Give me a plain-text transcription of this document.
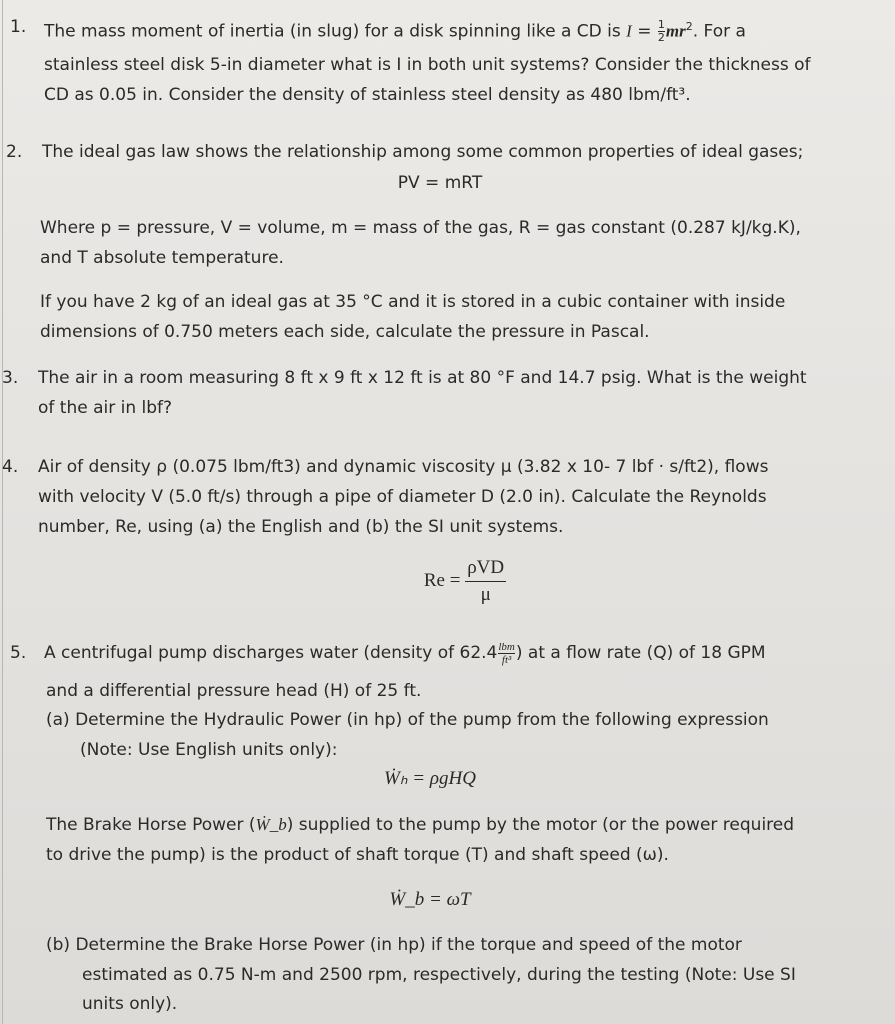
1. The mass moment of inertia (in slug) for a disk spinning like a CD is $I = \frac{1}{2} mr^2$. For a
stainless steel disk 5-in diameter what is I in both unit systems? Consider the thickness of
CD as 0.05 in. Consider the density of stainless steel density as 480 lbm/ft³.
2. The ideal gas law shows the relationship among some common properties of ideal gases;
PV = mRT
Where p = pressure, V = volume, m = mass of the gas, R = gas constant (0.287 kJ/kg.K),
and T absolute temperature.
If you have 2 kg of an ideal gas at 35 °C and it is stored in a cubic container with inside
dimensions of 0.750 meters each side, calculate the pressure in Pascal.
3. The air in a room measuring 8 ft x 9 ft x 12 ft is at 80 °F and 14.7 psig. What is the weight
of the air in lbf?
4. Air of density ρ (0.075 lbm/ft3) and dynamic viscosity μ (3.82 x 10- 7 lbf · s/ft2), flows
with velocity V (5.0 ft/s) through a pipe of diameter D (2.0 in). Calculate the Reynolds
number, Re, using (a) the English and (b) the SI unit systems.
$Re = \frac{\text{ρVD}}{\mu}$
5. A centrifugal pump discharges water (density of $62.4 \frac{\text{lbm}}{\text{ft³}}$ ) at a flow rate (Q) of 18 GPM
and a differential pressure head (H) of 25 ft.
(a) Determine the Hydraulic Power (in hp) of the pump from the following expression
(Note: Use English units only):
Ẇₕ = ρgHQ
The Brake Horse Power (Ẇ_b) supplied to the pump by the motor (or the power required
to drive the pump) is the product of shaft torque (T) and shaft speed (ω).
Ẇ_b = ωT
(b) Determine the Brake Horse Power (in hp) if the torque and speed of the motor
estimated as 0.75 N-m and 2500 rpm, respectively, during the testing (Note: Use SI
units only).
